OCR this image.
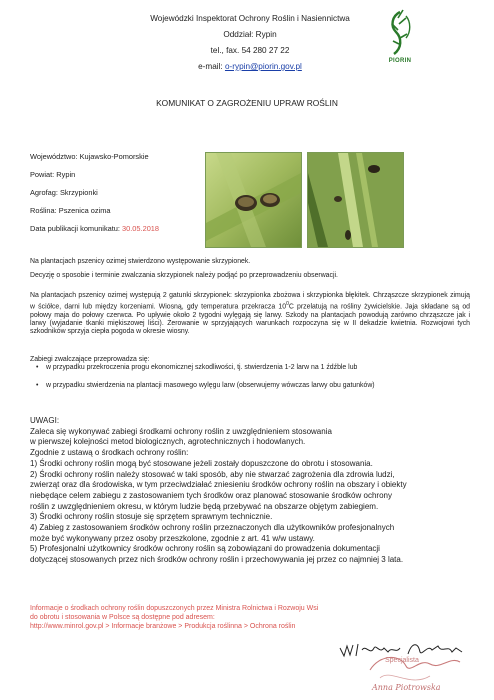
Wojewódzki Inspektorat Ochrony Roślin i Nasiennictwa
Oddział: Rypin
tel., fax. 54 280 27 22
e-mail: o-rypin@piorin.gov.pl
PIORIN
KOMUNIKAT O ZAGROŻENIU UPRAW ROŚLIN
Województwo: Kujawsko-Pomorskie
Powiat: Rypin
Agrofag: Skrzypionki
Roślina: Pszenica ozima
Data publikacji komunikatu: 30.05.2018

Na plantacjach pszenicy ozimej stwierdzono występowanie skrzypionek.

Decyzję o sposobie i terminie zwalczania skrzypionek należy podjąć po przeprowadzeniu obserwacji.

Na plantacjach pszenicy ozimej występują 2 gatunki skrzypionek: skrzypionka zbożowa i skrzypionka błękitek. Chrząszcze skrzypionek zimują w ściółce, darni lub między korzeniami. Wiosną, gdy temperatura przekracza $10^0C$ przelatują na rośliny żywicielskie. Jaja składane są od połowy maja do połowy czerwca. Po upływie około 2 tygodni wylęgają się larwy. Szkody na plantacjach powodują zarówno chrząszcze jak i larwy (wyjadanie tkanki miękiszowej liści). Żerowanie w sprzyjających warunkach rozpoczyna się w II dekadzie kwietnia. Rozwojowi tych szkodników sprzyja ciepła pogoda w okresie wiosny.

Zabiegi zwalczające przeprowadza się:

• w przypadku przekroczenia progu ekonomicznej szkodliwości, tj. stwierdzenia 1-2 larw na 1 źdźble lub
• w przypadku stwierdzenia na plantacji masowego wylęgu larw (obserwujemy wówczas larwy obu gatunków)
UWAGI:
Zaleca się wykonywać zabiegi środkami ochrony roślin z uwzględnieniem stosowania
w pierwszej kolejności metod biologicznych, agrotechnicznych i hodowlanych.
Zgodnie z ustawą o środkach ochrony roślin:
1) Środki ochrony roślin mogą być stosowane jeżeli zostały dopuszczone do obrotu i stosowania.
2) Środki ochrony roślin należy stosować w taki sposób, aby nie stwarzać zagrożenia dla zdrowia ludzi,
zwierząt oraz dla środowiska, w tym przeciwdziałać zniesieniu środków ochrony roślin na obszary i obiekty
niebędące celem zabiegu z zastosowaniem tych środków oraz planować stosowanie środków ochrony
roślin z uwzględnieniem okresu, w którym ludzie będą przebywać na obszarze objętym zabiegiem.
3) Środki ochrony roślin stosuje się sprzętem sprawnym technicznie.
4) Zabieg z zastosowaniem środków ochrony roślin przeznaczonych dla użytkowników profesjonalnych
może być wykonywany przez osoby przeszkolone, zgodnie z art. 41 w/w ustawy.
5) Profesjonalni użytkownicy środków ochrony roślin są zobowiązani do prowadzenia dokumentacji
dotyczącej stosowanych przez nich środków ochrony roślin i przechowywania jej przez co najmniej 3 lata.
Informacje o środkach ochrony roślin dopuszczonych przez Ministra Rolnictwa i Rozwoju Wsi
do obrotu i stosowania w Polsce są dostępne pod adresem:
http://www.minrol.gov.pl > Informacje branżowe > Produkcja roślinna > Ochrona roślin
Specjalista
Anna Piotrowska
